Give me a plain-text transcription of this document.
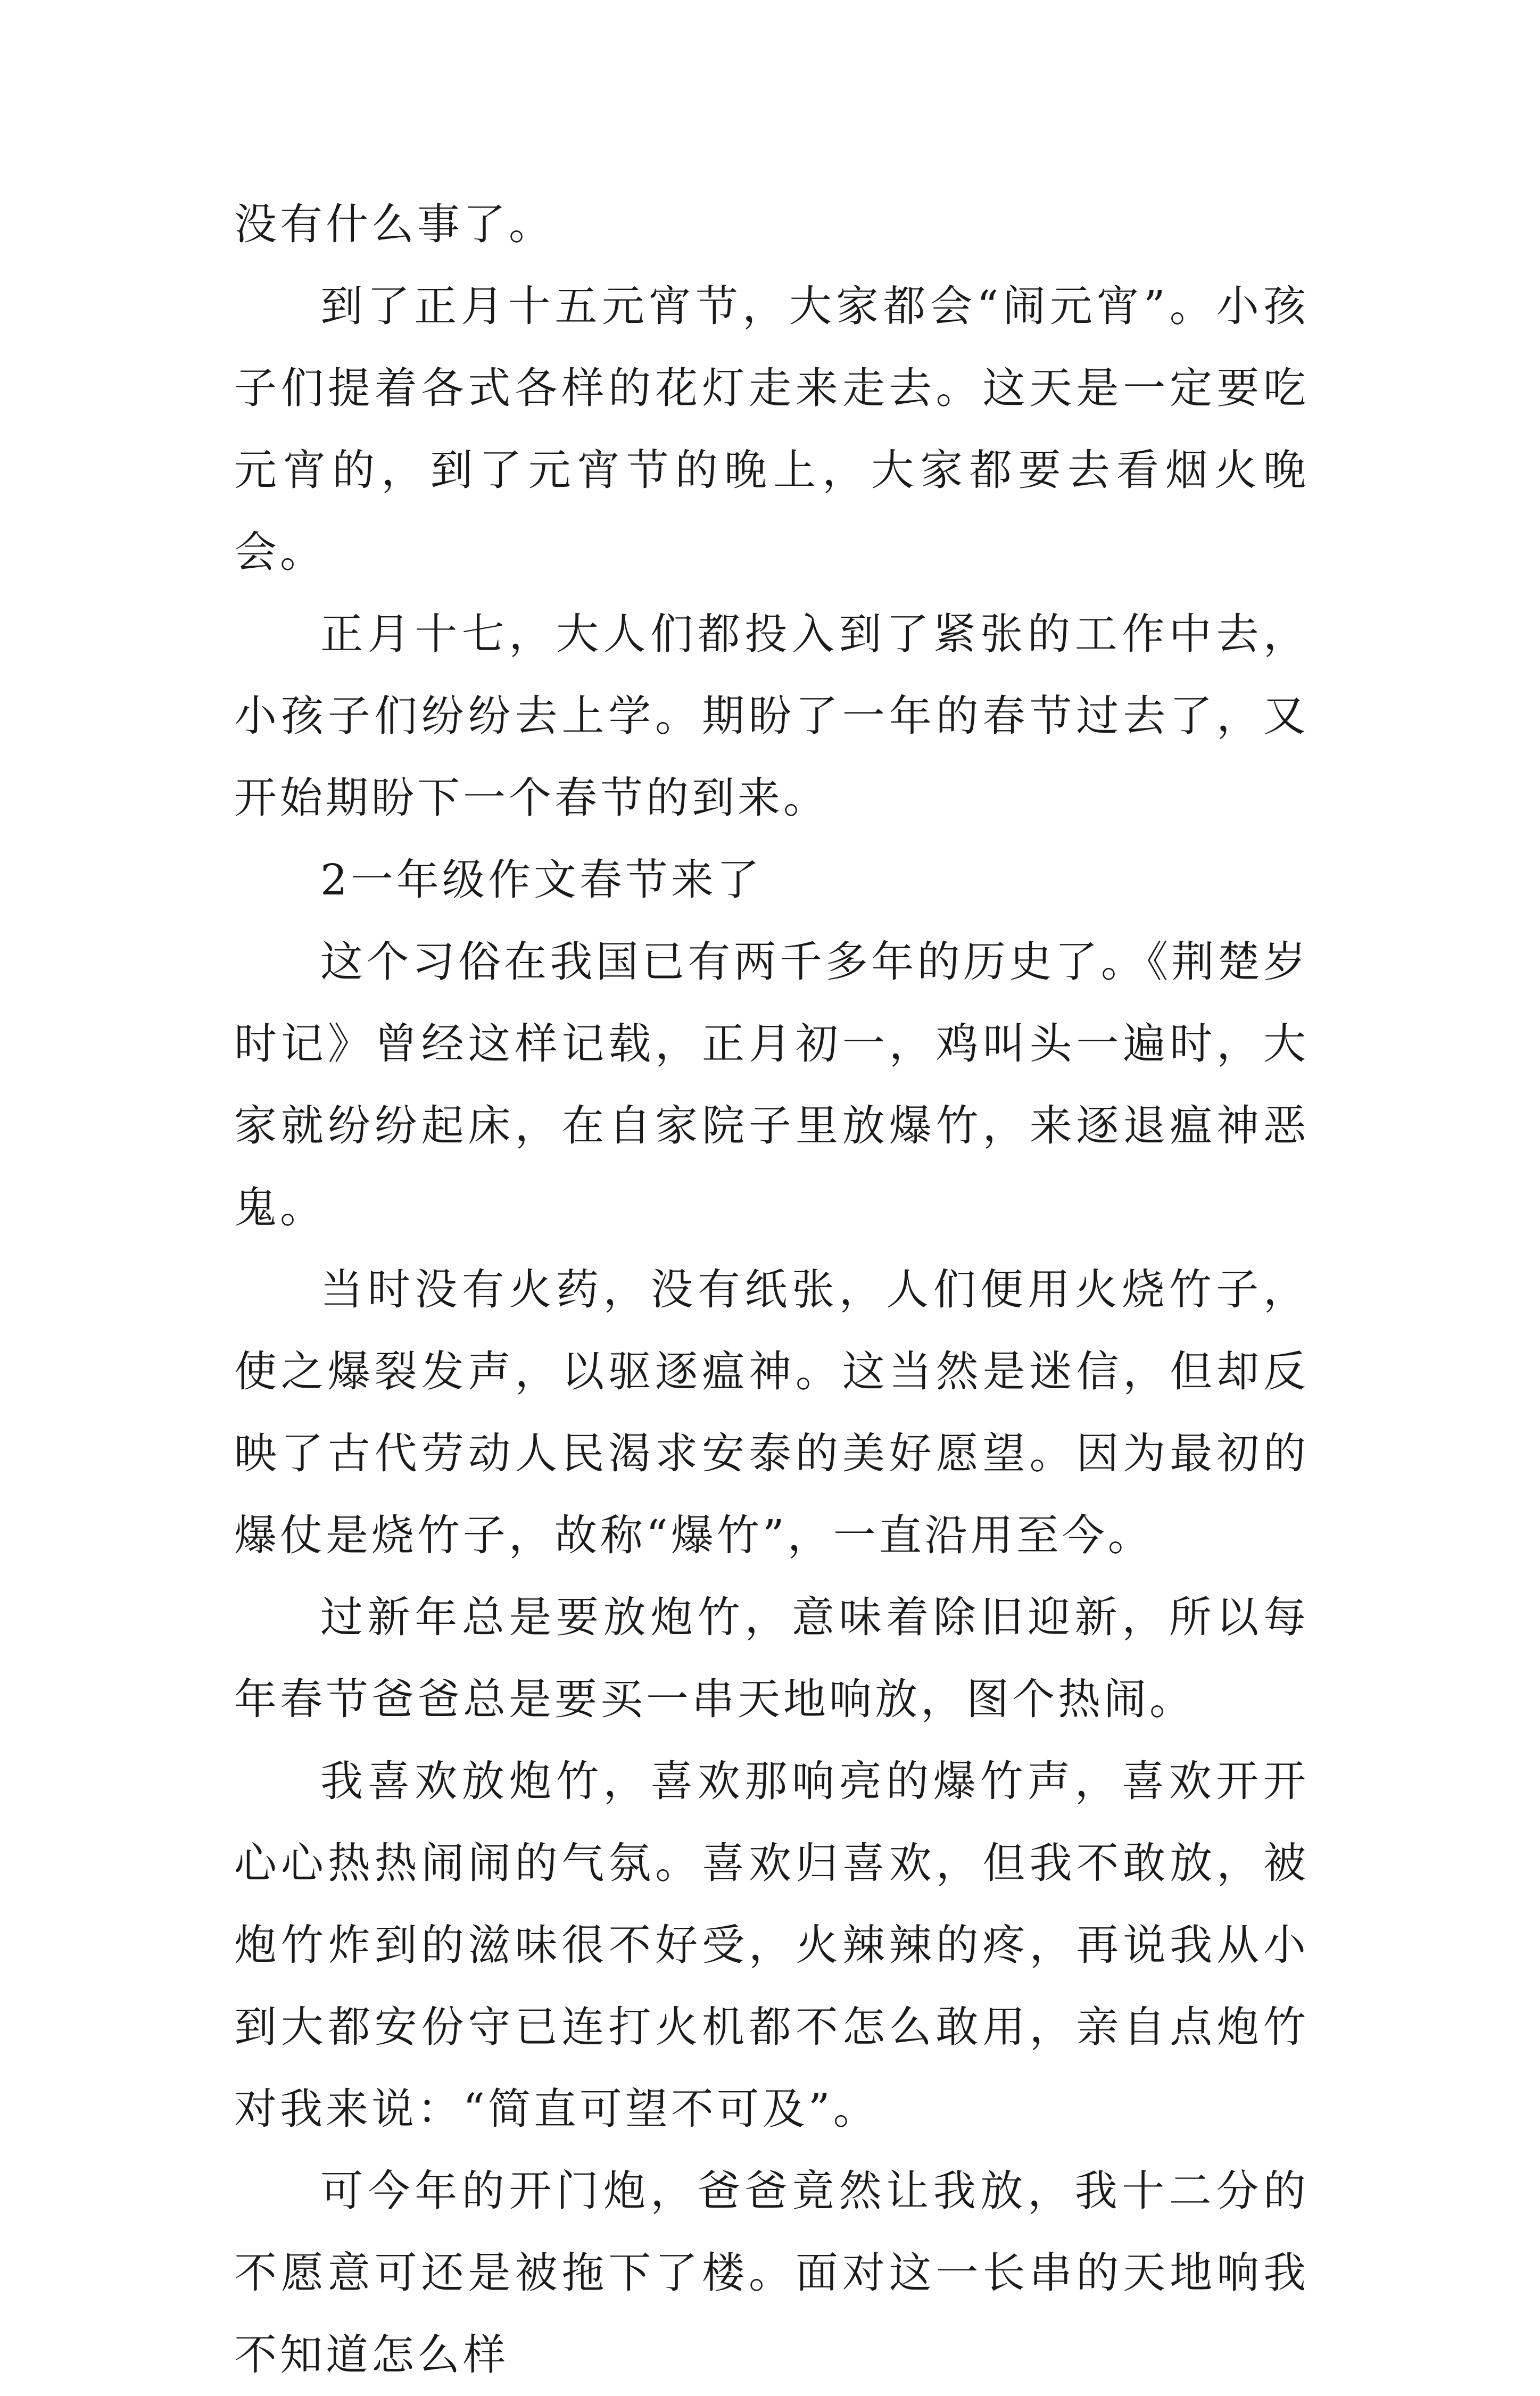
没有什么事了。

到了正月十五元宵节，大家都会“闹元宵”。小孩子们提着各式各样的花灯走来走去。这天是一定要吃元宵的，到了元宵节的晚上，大家都要去看烟火晚会。

正月十七，大人们都投入到了紧张的工作中去，小孩子们纷纷去上学。期盼了一年的春节过去了，又开始期盼下一个春节的到来。

2一年级作文春节来了

这个习俗在我国已有两千多年的历史了。《荆楚岁时记》曾经这样记载，正月初一，鸡叫头一遍时，大家就纷纷起床，在自家院子里放爆竹，来逐退瘟神恶鬼。

当时没有火药，没有纸张，人们便用火烧竹子，使之爆裂发声，以驱逐瘟神。这当然是迷信，但却反映了古代劳动人民渴求安泰的美好愿望。因为最初的爆仗是烧竹子，故称“爆竹”，一直沿用至今。

过新年总是要放炮竹，意味着除旧迎新，所以每年春节爸爸总是要买一串天地响放，图个热闹。

我喜欢放炮竹，喜欢那响亮的爆竹声，喜欢开开心心热热闹闹的气氛。喜欢归喜欢，但我不敢放，被炮竹炸到的滋味很不好受，火辣辣的疼，再说我从小到大都安份守已连打火机都不怎么敢用，亲自点炮竹对我来说：“简直可望不可及”。

可今年的开门炮，爸爸竟然让我放，我十二分的不愿意可还是被拖下了楼。面对这一长串的天地响我不知道怎么样
